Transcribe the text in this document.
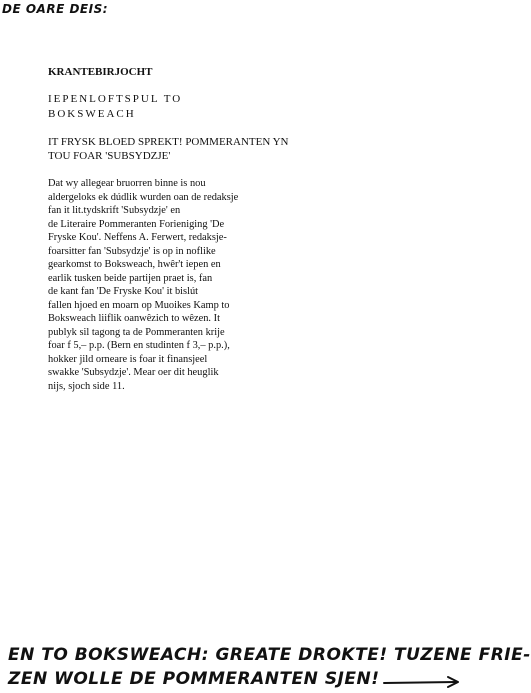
DE OARE DEIS:
KRANTEBIRJOCHT
IEPENLOFTSPUL TO
BOKSWEACH
IT FRYSK BLOED SPREKT! POMMERANTEN YN
TOU FOAR 'SUBSYDZJE'

Dat wy allegear bruorren binne is nou

aldergeloks ek dúdlik wurden oan de redaksje

fan it lit.tydskrift 'Subsydzje' en

de Literaire Pommeranten Forieniging 'De

Fryske Kou'. Neffens A. Ferwert, redaksje-

foarsitter fan 'Subsydzje' is op in noflike

gearkomst to Boksweach, hwêr't iepen en

earlik tusken beide partijen praet is, fan

de kant fan 'De Fryske Kou' it bislút

fallen hjoed en moarn op Muoikes Kamp to

Boksweach liiflik oanwêzich to wêzen. It

publyk sil tagong ta de Pommeranten krije

foar f 5,– p.p. (Bern en studinten f 3,– p.p.),

hokker jild orneare is foar it finansjeel

swakke 'Subsydzje'. Mear oer dit heuglik

nijs, sjoch side 11.

EN TO BOKSWEACH: GREATE DROKTE! TUZENE FRIE-
ZEN WOLLE DE POMMERANTEN SJEN!
